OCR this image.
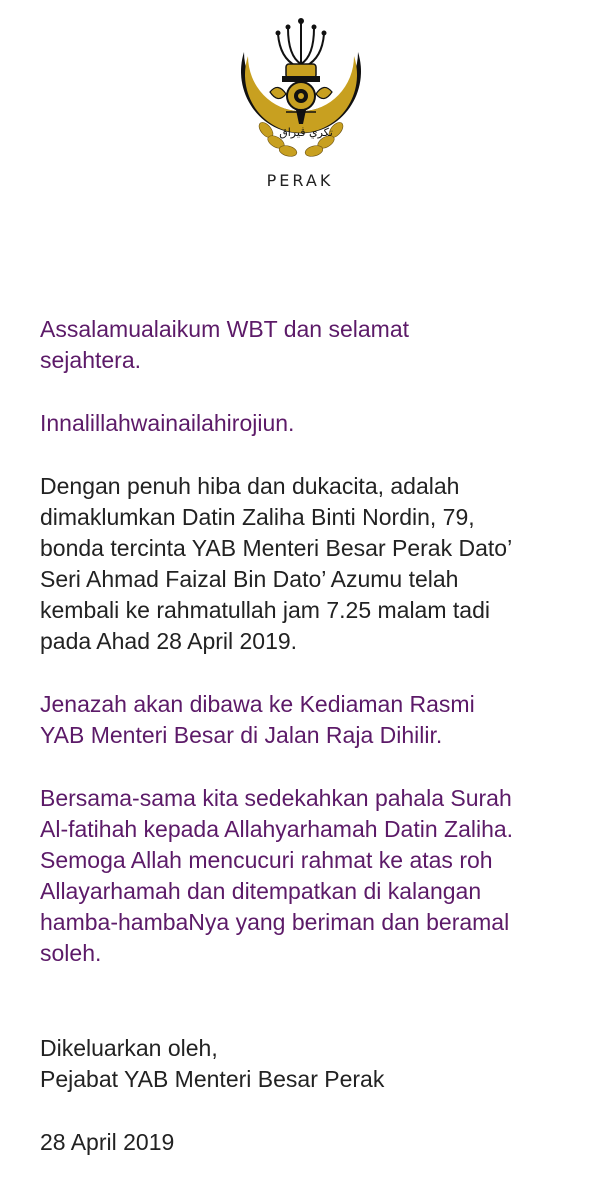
تکري ڤيراق
PERAK

Assalamualaikum WBT dan selamat
sejahtera.

Innalillahwainailahirojiun.

Dengan penuh hiba dan dukacita, adalah
dimaklumkan Datin Zaliha Binti Nordin, 79,
bonda tercinta YAB Menteri Besar Perak Dato’
Seri Ahmad Faizal Bin Dato’ Azumu telah
kembali ke rahmatullah jam 7.25 malam tadi
pada Ahad 28 April 2019.

Jenazah akan dibawa ke Kediaman Rasmi
YAB Menteri Besar di Jalan Raja Dihilir.

Bersama-sama kita sedekahkan pahala Surah
Al-fatihah kepada Allahyarhamah Datin Zaliha.
Semoga Allah mencucuri rahmat ke atas roh
Allayarhamah dan ditempatkan di kalangan
hamba-hambaNya yang beriman dan beramal
soleh.

Dikeluarkan oleh,

Pejabat YAB Menteri Besar Perak

28 April 2019
